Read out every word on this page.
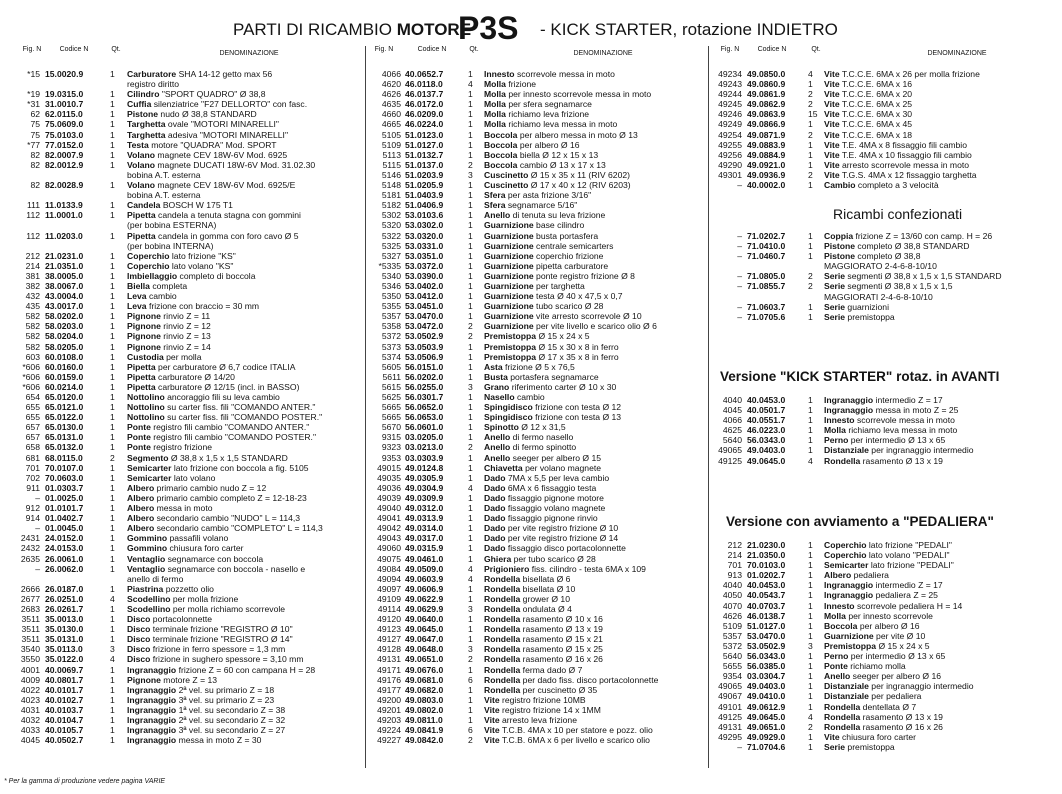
PARTI DI RICAMBIO MOTORE
P3S - KICK STARTER, rotazione INDIETRO
Fig. N	Codice N	Qt.
DENOMINAZIONE
Fig. N	Codice N	Qt.
DENOMINAZIONE
Fig. N	Codice N	Qt.
DENOMINAZIONE
*15 15.0020.9	1 Carburatore SHA 14-12 getto max 56
registro diritto
*19 19.0315.0	1 Cilindro "SPORT QUADRO" Ø 38,8
*31 31.0010.7	1 Cuffia silenziatrice "F27 DELLORTO" con fasc.
62 62.0115.0	1 Pistone nudo Ø 38,8 STANDARD
75 75.0609.0	1 Targhetta ovale "MOTORI MINARELLI"
75 75.0103.0	1 Targhetta adesiva "MOTORI MINARELLI"
*77 77.0152.0	1 Testa motore "QUADRA" Mod. SPORT
82 82.0007.9	1 Volano magnete CEV 18W-6V Mod. 6925
82 82.0012.9	1 Volano magnete DUCATI 18W-6V Mod. 31.02.30
bobina A.T. esterna
82 82.0028.9	1 Volano magnete CEV 18W-6V Mod. 6925/E
bobina A.T. esterna
111 11.0133.9	1 Candela BOSCH W 175 T1
112 11.0001.0	1 Pipetta candela a tenuta stagna con gommini
(per bobina ESTERNA)
112 11.0203.0	1 Pipetta candela in gomma con foro cavo Ø 5
(per bobina INTERNA)
212 21.0231.0	1 Coperchio lato frizione "KS"
214 21.0351.0	1 Coperchio lato volano "KS"
381 38.0005.0	1 Imbiellaggio completo di boccola
382 38.0067.0	1 Biella completa
432 43.0004.0	1 Leva cambio
435 43.0017.0	1 Leva frizione con braccio = 30 mm
582 58.0202.0	1 Pignone rinvio Z = 11
582 58.0203.0	1 Pignone rinvio Z = 12
582 58.0204.0	1 Pignone rinvio Z = 13
582 58.0205.0	1 Pignone rinvio Z = 14
603 60.0108.0	1 Custodia per molla
*606 60.0160.0	1 Pipetta per carburatore Ø 6,7 codice ITALIA
*606 60.0159.0	1 Pipetta carburatore Ø 14/20
*606 60.0214.0	1 Pipetta carburatore Ø 12/15 (incl. in BASSO)
654 65.0120.0	1 Nottolino ancoraggio fili su leva cambio
655 65.0121.0	1 Nottolino su carter fiss. fili "COMANDO ANTER."
655 65.0122.0	1 Nottolino su carter fiss. fili "COMANDO POSTER."
657 65.0130.0	1 Ponte registro fili cambio "COMANDO ANTER."
657 65.0131.0	1 Ponte registro fili cambio "COMANDO POSTER."
658 65.0132.0	1 Ponte registro frizione
681 68.0115.0	2 Segmento Ø 38,8 x 1,5 x 1,5 STANDARD
701 70.0107.0	1 Semicarter lato frizione con boccola a fig. 5105
702 70.0603.0	1 Semicarter lato volano
911 01.0303.7	1 Albero primario cambio nudo Z = 12
– 01.0025.0	1 Albero primario cambio completo Z = 12-18-23
912 01.0101.7	1 Albero messa in moto
914 01.0402.7	1 Albero secondario cambio "NUDO" L = 114,3
– 01.0045.0	1 Albero secondario cambio "COMPLETO" L = 114,3
2431 24.0152.0	1 Gommino passafili volano
2432 24.0153.0	1 Gommino chiusura foro carter
2635 26.0061.0	1 Ventaglio segnamarce con boccola
– 26.0062.0	1 Ventaglio segnamarce con boccola - nasello e
anello di fermo
2666 26.0187.0	1 Piastrina pozzetto olio
2677 26.0251.0	4 Scodellino per molla frizione
2683 26.0261.7	1 Scodellino per molla richiamo scorrevole
3511 35.0013.0	1 Disco portacolonnette
3511 35.0130.0	1 Disco terminale frizione "REGISTRO Ø 10"
3511 35.0131.0	1 Disco terminale frizione "REGISTRO Ø 14"
3540 35.0113.0	3 Disco frizione in ferro spessore = 1,3 mm
3550 35.0122.0	4 Disco frizione in sughero spessore = 3,10 mm
4001 40.0069.7	1 Ingranaggio frizione Z = 60 con campana H = 28
4009 40.0801.7	1 Pignone motore Z = 13
4022 40.0101.7	1 Ingranaggio 2ª vel. su primario Z = 18
4023 40.0102.7	1 Ingranaggio 3ª vel. su primario Z = 23
4031 40.0103.7	1 Ingranaggio 1ª vel. su secondario Z = 38
4032 40.0104.7	1 Ingranaggio 2ª vel. su secondario Z = 32
4033 40.0105.7	1 Ingranaggio 3ª vel. su secondario Z = 27
4045 40.0502.7	1 Ingranaggio messa in moto Z = 30
4066 40.0652.7	1 Innesto scorrevole messa in moto
4620 46.0118.0	4 Molla frizione
4626 46.0137.7	1 Molla per innesto scorrevole messa in moto
4635 46.0172.0	1 Molla per sfera segnamarce
4660 46.0209.0	1 Molla richiamo leva frizione
4665 46.0224.0	1 Molla richiamo leva messa in moto
5105 51.0123.0	1 Boccola per albero messa in moto Ø 13
5109 51.0127.0	1 Boccola per albero Ø 16
5113 51.0132.7	1 Boccola biella Ø 12 x 15 x 13
5115 51.0137.0	2 Boccola cambio Ø 13 x 17 x 13
5146 51.0203.9	3 Cuscinetto Ø 15 x 35 x 11 (RIV 6202)
5148 51.0205.9	1 Cuscinetto Ø 17 x 40 x 12 (RIV 6203)
5181 51.0403.9	1 Sfera per asta frizione 3/16"
5182 51.0406.9	1 Sfera segnamarce 5/16"
5302 53.0103.6	1 Anello di tenuta su leva frizione
5320 53.0302.0	1 Guarnizione base cilindro
5322 53.0320.0	1 Guarnizione busta portasfera
5325 53.0331.0	1 Guarnizione centrale semicarters
5327 53.0351.0	1 Guarnizione coperchio frizione
*5335 53.0372.0	1 Guarnizione pipetta carburatore
5340 53.0390.0	1 Guarnizione ponte registro frizione Ø 8
5346 53.0402.0	1 Guarnizione per targhetta
5350 53.0412.0	1 Guarnizione testa Ø 40 x 47,5 x 0,7
5355 53.0451.0	1 Guarnizione tubo scarico Ø 28
5357 53.0470.0	1 Guarnizione vite arresto scorrevole Ø 10
5358 53.0472.0	2 Guarnizione per vite livello e scarico olio Ø 6
5372 53.0502.9	2 Premistoppa Ø 15 x 24 x 5
5373 53.0503.9	1 Premistoppa Ø 15 x 30 x 8 in ferro
5374 53.0506.9	1 Premistoppa Ø 17 x 35 x 8 in ferro
5605 56.0151.0	1 Asta frizione Ø 5 x 76,5
5611 56.0202.0	1 Busta portasfera segnamarce
5615 56.0255.0	3 Grano riferimento carter Ø 10 x 30
5625 56.0301.7	1 Nasello cambio
5665 56.0652.0	1 Spingidisco frizione con testa Ø 12
5665 56.0653.0	1 Spingidisco frizione con testa Ø 13
5670 56.0601.0	1 Spinotto Ø 12 x 31,5
9315 03.0205.0	1 Anello di fermo nasello
9323 03.0213.0	2 Anello di fermo spinotto
9353 03.0303.9	1 Anello seeger per albero Ø 15
49015 49.0124.8	1 Chiavetta per volano magnete
49035 49.0305.9	1 Dado 7MA x 5,5 per leva cambio
49036 49.0304.9	4 Dado 6MA x 6 fissaggio testa
49039 49.0309.9	1 Dado fissaggio pignone motore
49040 49.0312.0	1 Dado fissaggio volano magnete
49041 49.0313.9	1 Dado fissaggio pignone rinvio
49042 49.0314.0	1 Dado per vite registro frizione Ø 10
49043 49.0317.0	1 Dado per vite registro frizione Ø 14
49060 49.0315.9	1 Dado fissaggio disco portacolonnette
49075 49.0461.0	1 Ghiera per tubo scarico Ø 28
49084 49.0509.0	4 Prigioniero fiss. cilindro - testa 6MA x 109
49094 49.0603.9	4 Rondella bisellata Ø 6
49097 49.0606.9	1 Rondella bisellata Ø 10
49109 49.0622.9	1 Rondella grower Ø 10
49114 49.0629.9	3 Rondella ondulata Ø 4
49120 49.0640.0	1 Rondella rasamento Ø 10 x 16
49123 49.0645.0	1 Rondella rasamento Ø 13 x 19
49127 49.0647.0	1 Rondella rasamento Ø 15 x 21
49128 49.0648.0	3 Rondella rasamento Ø 15 x 25
49131 49.0651.0	2 Rondella rasamento Ø 16 x 26
49171 49.0676.0	1 Rondella ferma dado Ø 7
49176 49.0681.0	6 Rondella per dado fiss. disco portacolonnette
49177 49.0682.0	1 Rondella per cuscinetto Ø 35
49200 49.0803.0	1 Vite registro frizione 10MB
49201 49.0802.0	1 Vite registro frizione 14 x 1MM
49203 49.0811.0	1 Vite arresto leva frizione
49224 49.0841.9	6 Vite T.C.B. 4MA x 10 per statore e pozz. olio
49227 49.0842.0	2 Vite T.C.B. 6MA x 6 per livello e scarico olio
49234 49.0850.0	4 Vite T.C.C.E. 6MA x 26 per molla frizione
49243 49.0860.9	1 Vite T.C.C.E. 6MA x 16
49244 49.0861.9	2 Vite T.C.C.E. 6MA x 20
49245 49.0862.9	2 Vite T.C.C.E. 6MA x 25
49246 49.0863.9	15 Vite T.C.C.E. 6MA x 30
49249 49.0866.9	1 Vite T.C.C.E. 6MA x 45
49254 49.0871.9	2 Vite T.C.C.E. 6MA x 18
49255 49.0883.9	1 Vite T.E. 4MA x 8 fissaggio fili cambio
49256 49.0884.9	1 Vite T.E. 4MA x 10 fissaggio fili cambio
49290 49.0921.0	1 Vite arresto scorrevole messa in moto
49301 49.0936.9	2 Vite T.G.S. 4MA x 12 fissaggio targhetta
– 40.0002.0	1 Cambio completo a 3 velocità
Ricambi confezionati
– 71.0202.7	1 Coppia frizione Z = 13/60 con camp. H = 26
– 71.0410.0	1 Pistone completo Ø 38,8 STANDARD
– 71.0460.7	1 Pistone completo Ø 38,8
MAGGIORATO 2-4-6-8-10/10
– 71.0805.0	2 Serie segmenti Ø 38,8 x 1,5 x 1,5 STANDARD
– 71.0855.7	2 Serie segmenti Ø 38,8 x 1,5 x 1,5
MAGGIORATI 2-4-6-8-10/10
– 71.0603.7	1 Serie guarnizioni
– 71.0705.6	1 Serie premistoppa
Versione "KICK STARTER" rotaz. in AVANTI
4040 40.0453.0	1 Ingranaggio intermedio Z = 17
4045 40.0501.7	1 Ingranaggio messa in moto Z = 25
4066 40.0551.7	1 Innesto scorrevole messa in moto
4625 46.0223.0	1 Molla richiamo leva messa in moto
5640 56.0343.0	1 Perno per intermedio Ø 13 x 65
49065 49.0403.0	1 Distanziale per ingranaggio intermedio
49125 49.0645.0	4 Rondella rasamento Ø 13 x 19
Versione con avviamento a "PEDALIERA"
212 21.0230.0	1 Coperchio lato frizione "PEDALI"
214 21.0350.0	1 Coperchio lato volano "PEDALI"
701 70.0103.0	1 Semicarter lato frizione "PEDALI"
913 01.0202.7	1 Albero pedaliera
4040 40.0453.0	1 Ingranaggio intermedio Z = 17
4050 40.0543.7	1 Ingranaggio pedaliera Z = 25
4070 40.0703.7	1 Innesto scorrevole pedaliera H = 14
4626 46.0138.7	1 Molla per innesto scorrevole
5109 51.0127.0	1 Boccola per albero Ø 16
5357 53.0470.0	1 Guarnizione per vite Ø 10
5372 53.0502.9	3 Premistoppa Ø 15 x 24 x 5
5640 56.0343.0	1 Perno per intermedio Ø 13 x 65
5655 56.0385.0	1 Ponte richiamo molla
9354 03.0304.7	1 Anello seeger per albero Ø 16
49065 49.0403.0	1 Distanziale per ingranaggio intermedio
49067 49.0410.0	1 Distanziale per pedaliera
49101 49.0612.9	1 Rondella dentellata Ø 7
49125 49.0645.0	4 Rondella rasamento Ø 13 x 19
49131 49.0651.0	2 Rondella rasamento Ø 16 x 26
49295 49.0929.0	1 Vite chiusura foro carter
– 71.0704.6	1 Serie premistoppa
* Per la gamma di produzione vedere pagina VARIE
